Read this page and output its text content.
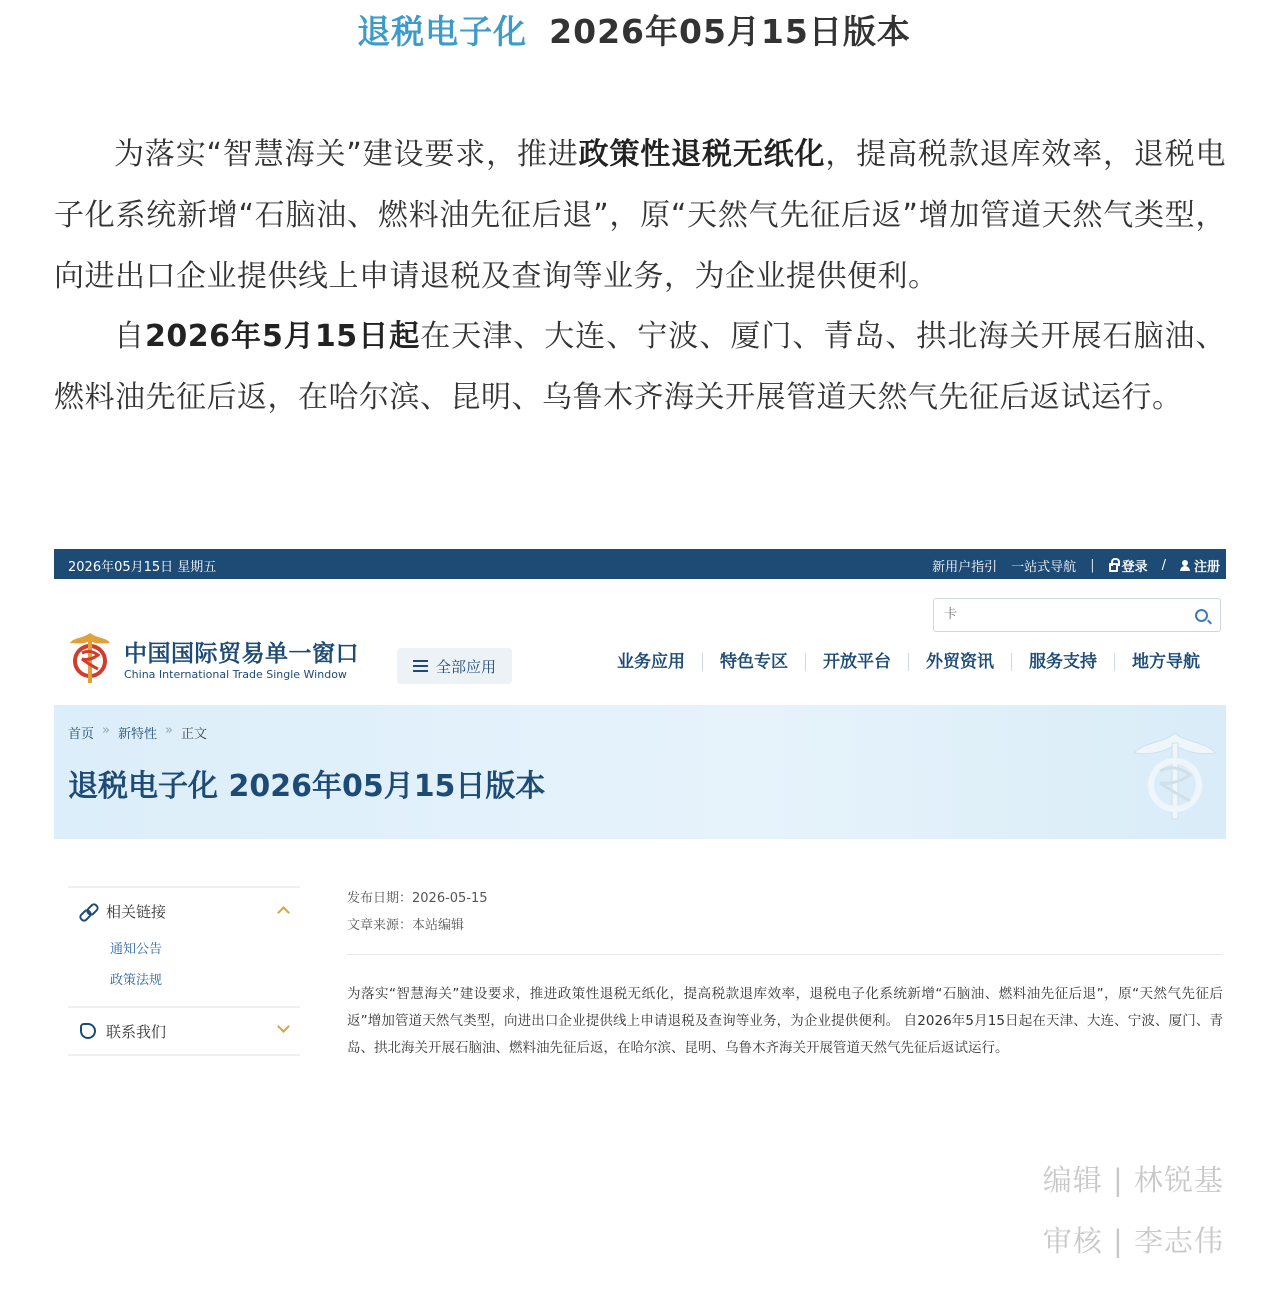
退税电子化 2026年05月15日版本

为落实“智慧海关”建设要求，推进政策性退税无纸化，提高税款退库效率，退税电子化系统新增“石脑油、燃料油先征后退”，原“天然气先征后返”增加管道天然气类型，向进出口企业提供线上申请退税及查询等业务，为企业提供便利。

自2026年5月15日起在天津、大连、宁波、厦门、青岛、拱北海关开展石脑油、燃料油先征后返，在哈尔滨、昆明、乌鲁木齐海关开展管道天然气先征后返试运行。

2026年05月15日 星期五	新用户指引 一站式导航 | 登录 / 注册
卡
中国国际贸易单一窗口
China International Trade Single Window	全部应用	业务应用	特色专区	开放平台	外贸资讯	服务支持	地方导航
首页 » 新特性 » 正文
退税电子化 2026年05月15日版本
相关链接
通知公告
政策法规
联系我们
发布日期：2026-05-15
文章来源：本站编辑
为落实“智慧海关”建设要求，推进政策性退税无纸化，提高税款退库效率，退税电子化系统新增“石脑油、燃料油先征后退”，原“天然气先征后返”增加管道天然气类型，向进出口企业提供线上申请退税及查询等业务，为企业提供便利。 自2026年5月15日起在天津、大连、宁波、厦门、青岛、拱北海关开展石脑油、燃料油先征后返，在哈尔滨、昆明、乌鲁木齐海关开展管道天然气先征后返试运行。
编辑 | 林锐基
审核 | 李志伟
